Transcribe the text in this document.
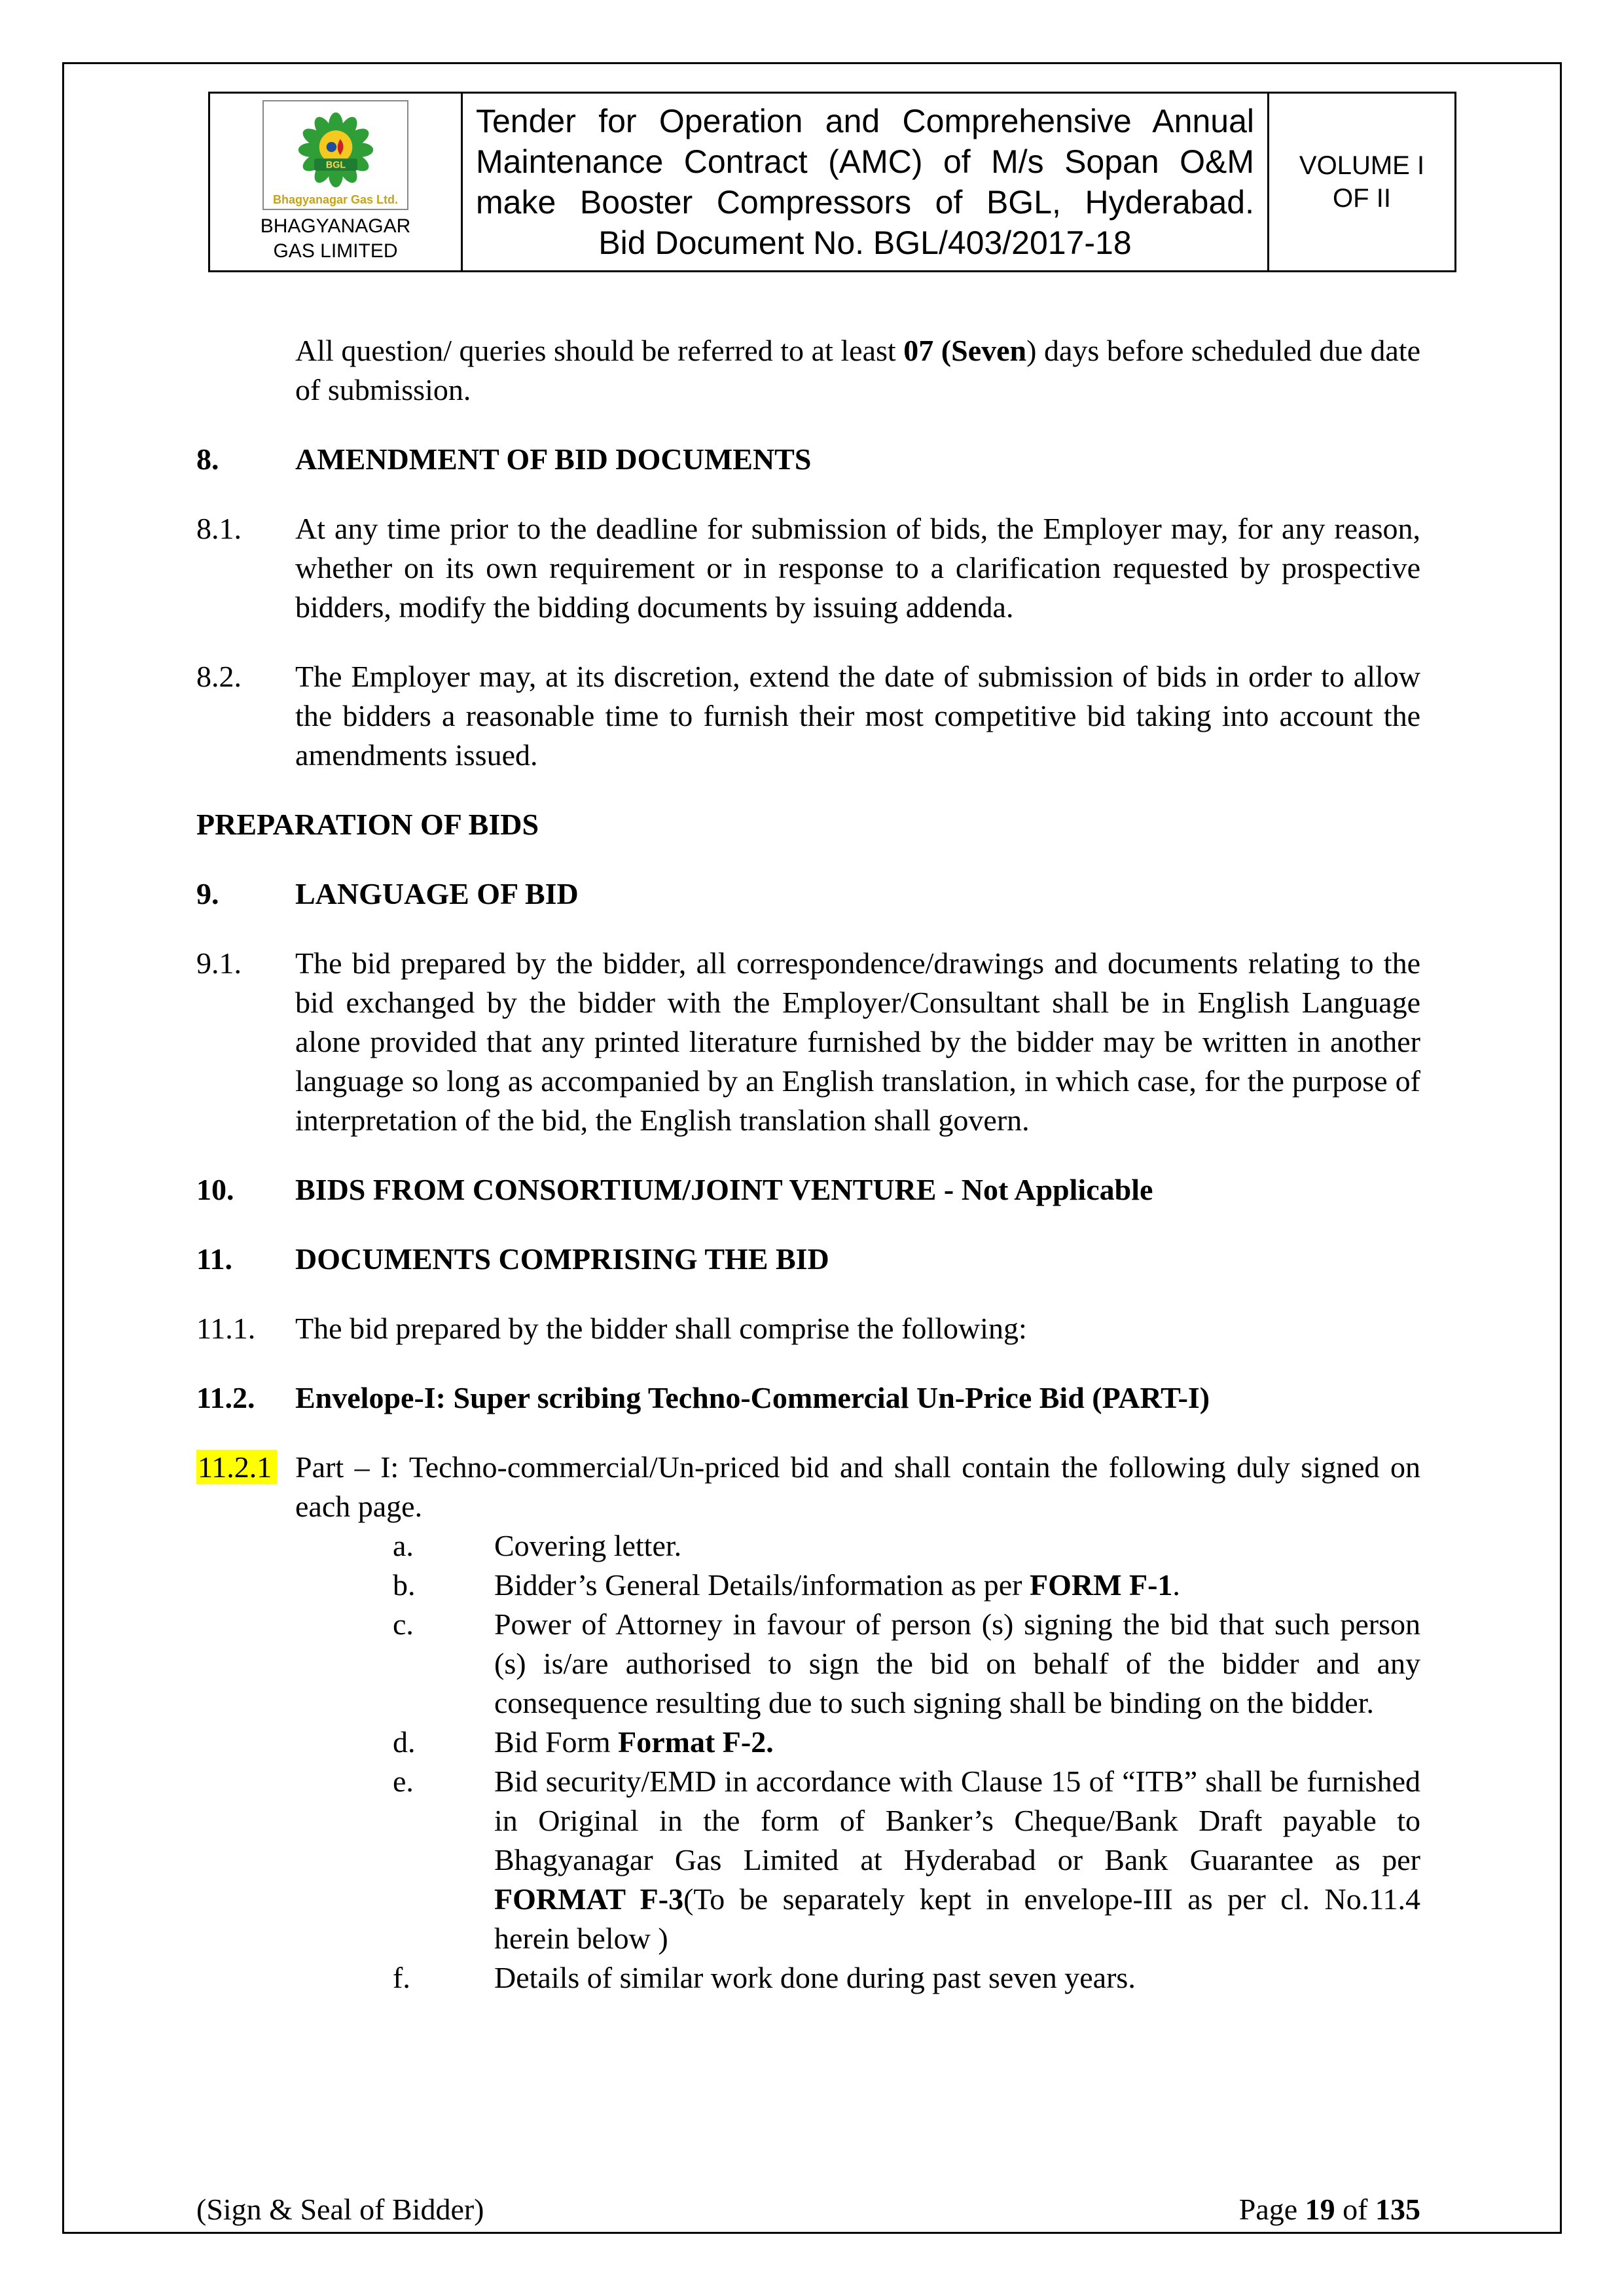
BGL
Bhagyanagar Gas Ltd.
BHAGYANAGAR GAS LIMITED
Tender for Operation and Comprehensive Annual Maintenance Contract (AMC) of M/s Sopan O&M make Booster Compressors of BGL, Hyderabad.
Bid Document No. BGL/403/2017-18
VOLUME I
OF II

All question/ queries should be referred to at least 07 (Seven) days before scheduled due date of submission.

8.	AMENDMENT OF BID DOCUMENTS
8.1.	At any time prior to the deadline for submission of bids, the Employer may, for any reason, whether on its own requirement or in response to a clarification requested by prospective bidders, modify the bidding documents by issuing addenda.
8.2.	The Employer may, at its discretion, extend the date of submission of bids in order to allow the bidders a reasonable time to furnish their most competitive bid taking into account the amendments issued.
PREPARATION OF BIDS
9.	LANGUAGE OF BID
9.1.	The bid prepared by the bidder, all correspondence/drawings and documents relating to the bid exchanged by the bidder with the Employer/Consultant shall be in English Language alone provided that any printed literature furnished by the bidder may be written in another language so long as accompanied by an English translation, in which case, for the purpose of interpretation of the bid, the English translation shall govern.
10.	BIDS FROM CONSORTIUM/JOINT VENTURE - Not Applicable
11.	DOCUMENTS COMPRISING THE BID
11.1.	The bid prepared by the bidder shall comprise the following:
11.2.	Envelope-I: Super scribing Techno-Commercial Un-Price Bid (PART-I)
11.2.1 Part – I: Techno-commercial/Un-priced bid and shall contain the following duly signed on each page.
a.	Covering letter.
b.	Bidder’s General Details/information as per FORM F-1.
c.	Power of Attorney in favour of person (s) signing the bid that such person (s) is/are authorised to sign the bid on behalf of the bidder and any consequence resulting due to such signing shall be binding on the bidder.
d.	Bid Form Format F-2.
e.	Bid security/EMD in accordance with Clause 15 of “ITB” shall be furnished in Original in the form of Banker’s Cheque/Bank Draft payable to Bhagyanagar Gas Limited at Hyderabad or Bank Guarantee as per FORMAT F-3(To be separately kept in envelope-III as per cl. No.11.4 herein below )
f.	Details of similar work done during past seven years.
(Sign & Seal of Bidder)	Page 19 of 135
